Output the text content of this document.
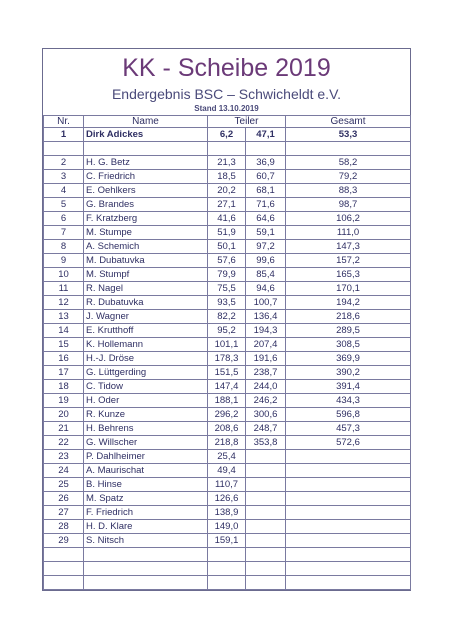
KK - Scheibe 2019
Endergebnis BSC – Schwicheldt e.V.
Stand 13.10.2019
Nr.	Name	Teiler		Gesamt
1	Dirk Adickes	6,2	47,1	53,3

2	H. G. Betz	21,3	36,9	58,2
3	C. Friedrich	18,5	60,7	79,2
4	E. Oehlkers	20,2	68,1	88,3
5	G. Brandes	27,1	71,6	98,7
6	F. Kratzberg	41,6	64,6	106,2
7	M. Stumpe	51,9	59,1	111,0
8	A. Schemich	50,1	97,2	147,3
9	M. Dubatuvka	57,6	99,6	157,2
10	M. Stumpf	79,9	85,4	165,3
11	R. Nagel	75,5	94,6	170,1
12	R. Dubatuvka	93,5	100,7	194,2
13	J. Wagner	82,2	136,4	218,6
14	E. Krutthoff	95,2	194,3	289,5
15	K. Hollemann	101,1	207,4	308,5
16	H.-J. Dröse	178,3	191,6	369,9
17	G. Lüttgerding	151,5	238,7	390,2
18	C. Tidow	147,4	244,0	391,4
19	H. Oder	188,1	246,2	434,3
20	R. Kunze	296,2	300,6	596,8
21	H. Behrens	208,6	248,7	457,3
22	G. Willscher	218,8	353,8	572,6
23	P. Dahlheimer	25,4		
24	A. Maurischat	49,4		
25	B. Hinse	110,7		
26	M. Spatz	126,6		
27	F. Friedrich	138,9		
28	H. D. Klare	149,0		
29	S. Nitsch	159,1		
